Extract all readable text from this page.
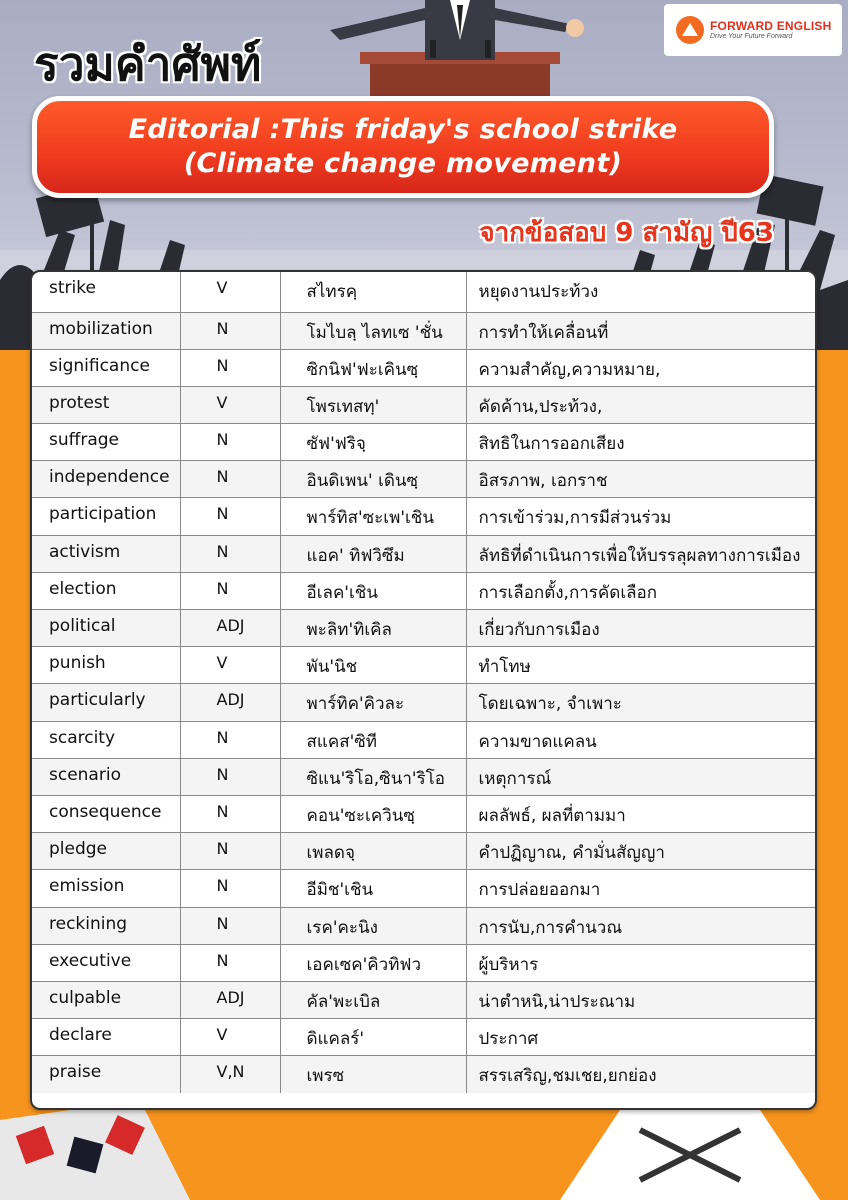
FORWARD ENGLISH
Drive Your Future Forward
รวมคำศัพท์
Editorial :This friday's school strike
(Climate change movement)
จากข้อสอบ 9 สามัญ ปี63
strike	V	สไทรคฺ	หยุดงานประท้วง
mobilization	N	โมไบลฺ ไลทเซ 'ชั่น	การทำให้เคลื่อนที่
significance	N	ซิกนิฟ'ฟะเคินซฺ	ความสำคัญ,ความหมาย,
protest	V	โพรเทสทฺ'	คัดค้าน,ประท้วง,
suffrage	N	ซัฟ'ฟริจฺ	สิทธิในการออกเสียง
independence	N	อินดิเพน' เดินซฺ	อิสรภาพ, เอกราช
participation	N	พาร์ทิส'ซะเพ'เชิน	การเข้าร่วม,การมีส่วนร่วม
activism	N	แอค' ทิฟวิซึม	ลัทธิที่ดำเนินการเพื่อให้บรรลุผลทางการเมือง
election	N	อีเลค'เชิน	การเลือกตั้ง,การคัดเลือก
political	ADJ	พะลิท'ทิเคิล	เกี่ยวกับการเมือง
punish	V	พัน'นิช	ทำโทษ
particularly	ADJ	พาร์ทิค'คิวละ	โดยเฉพาะ, จำเพาะ
scarcity	N	สแคส'ซิที	ความขาดแคลน
scenario	N	ซิแน'ริโอ,ซินา'ริโอ	เหตุการณ์
consequence	N	คอน'ซะเควินซฺ	ผลลัพธ์, ผลที่ตามมา
pledge	N	เพลดจฺ	คำปฏิญาณ, คำมั่นสัญญา
emission	N	อีมิช'เชิน	การปล่อยออกมา
reckining	N	เรค'คะนิง	การนับ,การคำนวณ
executive	N	เอคเซค'คิวทิฟว	ผู้บริหาร
culpable	ADJ	คัล'พะเบิล	น่าตำหนิ,น่าประณาม
declare	V	ดิแคลร์'	ประกาศ
praise	V,N	เพรซ	สรรเสริญ,ชมเชย,ยกย่อง
